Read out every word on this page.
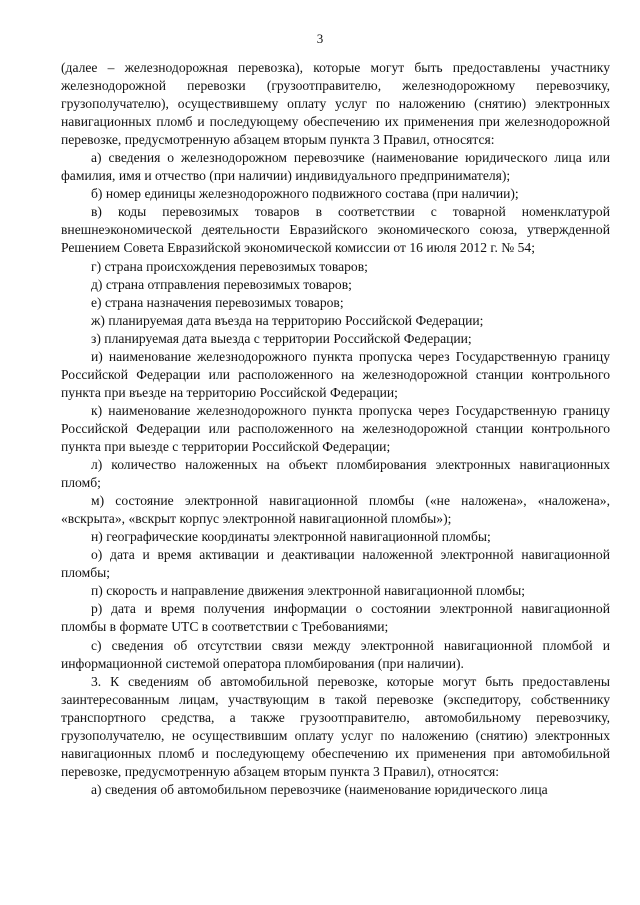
3

(далее – железнодорожная перевозка), которые могут быть предоставлены участнику железнодорожной перевозки (грузоотправителю, железнодорожному перевозчику, грузополучателю), осуществившему оплату услуг по наложению (снятию) электронных навигационных пломб и последующему обеспечению их применения при железнодорожной перевозке, предусмотренную абзацем вторым пункта 3 Правил, относятся:

а) сведения о железнодорожном перевозчике (наименование юридического лица или фамилия, имя и отчество (при наличии) индивидуального предпринимателя);

б) номер единицы железнодорожного подвижного состава (при наличии);

в) коды перевозимых товаров в соответствии с товарной номенклатурой внешнеэкономической деятельности Евразийского экономического союза, утвержденной Решением Совета Евразийской экономической комиссии от 16 июля 2012 г. № 54;

г) страна происхождения перевозимых товаров;

д) страна отправления перевозимых товаров;

е) страна назначения перевозимых товаров;

ж) планируемая дата въезда на территорию Российской Федерации;

з) планируемая дата выезда с территории Российской Федерации;

и) наименование железнодорожного пункта пропуска через Государственную границу Российской Федерации или расположенного на железнодорожной станции контрольного пункта при въезде на территорию Российской Федерации;

к) наименование железнодорожного пункта пропуска через Государственную границу Российской Федерации или расположенного на железнодорожной станции контрольного пункта при выезде с территории Российской Федерации;

л) количество наложенных на объект пломбирования электронных навигационных пломб;

м) состояние электронной навигационной пломбы («не наложена», «наложена», «вскрыта», «вскрыт корпус электронной навигационной пломбы»);

н) географические координаты электронной навигационной пломбы;

о) дата и время активации и деактивации наложенной электронной навигационной пломбы;

п) скорость и направление движения электронной навигационной пломбы;

р) дата и время получения информации о состоянии электронной навигационной пломбы в формате UTC в соответствии с Требованиями;

с) сведения об отсутствии связи между электронной навигационной пломбой и информационной системой оператора пломбирования (при наличии).

3. К сведениям об автомобильной перевозке, которые могут быть предоставлены заинтересованным лицам, участвующим в такой перевозке (экспедитору, собственнику транспортного средства, а также грузоотправителю, автомобильному перевозчику, грузополучателю, не осуществившим оплату услуг по наложению (снятию) электронных навигационных пломб и последующему обеспечению их применения при автомобильной перевозке, предусмотренную абзацем вторым пункта 3 Правил), относятся:

а) сведения об автомобильном перевозчике (наименование юридического лица
